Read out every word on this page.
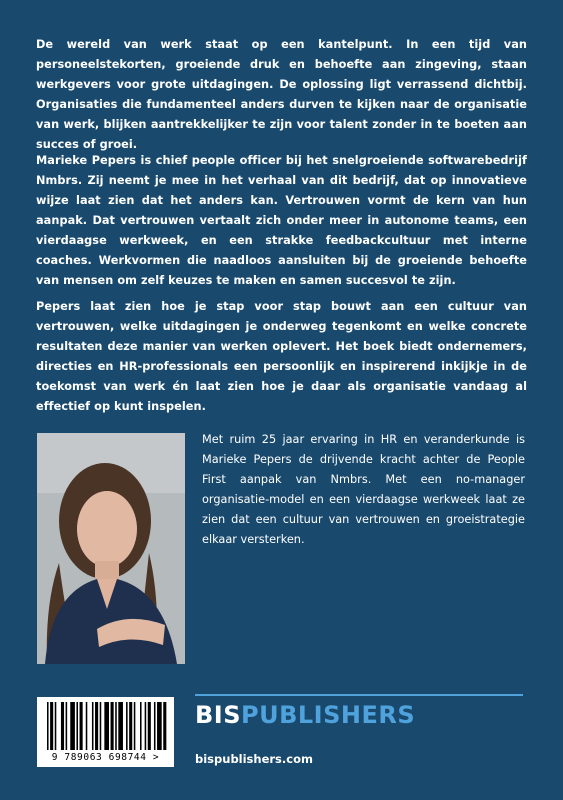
De wereld van werk staat op een kantelpunt. In een tijd van personeelstekorten, groeiende druk en behoefte aan zingeving, staan werkgevers voor grote uitdagingen. De oplossing ligt verrassend dichtbij. Organisaties die fundamenteel anders durven te kijken naar de organisatie van werk, blijken aantrekkelijker te zijn voor talent zonder in te boeten aan succes of groei.

Marieke Pepers is chief people officer bij het snelgroeiende softwarebedrijf Nmbrs. Zij neemt je mee in het verhaal van dit bedrijf, dat op innovatieve wijze laat zien dat het anders kan. Vertrouwen vormt de kern van hun aanpak. Dat vertrouwen vertaalt zich onder meer in autonome teams, een vierdaagse werkweek, en een strakke feedbackcultuur met interne coaches. Werkvormen die naadloos aansluiten bij de groeiende behoefte van mensen om zelf keuzes te maken en samen succesvol te zijn.

Pepers laat zien hoe je stap voor stap bouwt aan een cultuur van vertrouwen, welke uitdagingen je onderweg tegenkomt en welke concrete resultaten deze manier van werken oplevert. Het boek biedt ondernemers, directies en HR-professionals een persoonlijk en inspirerend inkijkje in de toekomst van werk én laat zien hoe je daar als organisatie vandaag al effectief op kunt inspelen.

Met ruim 25 jaar ervaring in HR en veranderkunde is Marieke Pepers de drijvende kracht achter de People First aanpak van Nmbrs. Met een no-manager organisatie-model en een vierdaagse werkweek laat ze zien dat een cultuur van vertrouwen en groeistrategie elkaar versterken.

BISPUBLISHERS
bispublishers.com
9 789063 698744 >
